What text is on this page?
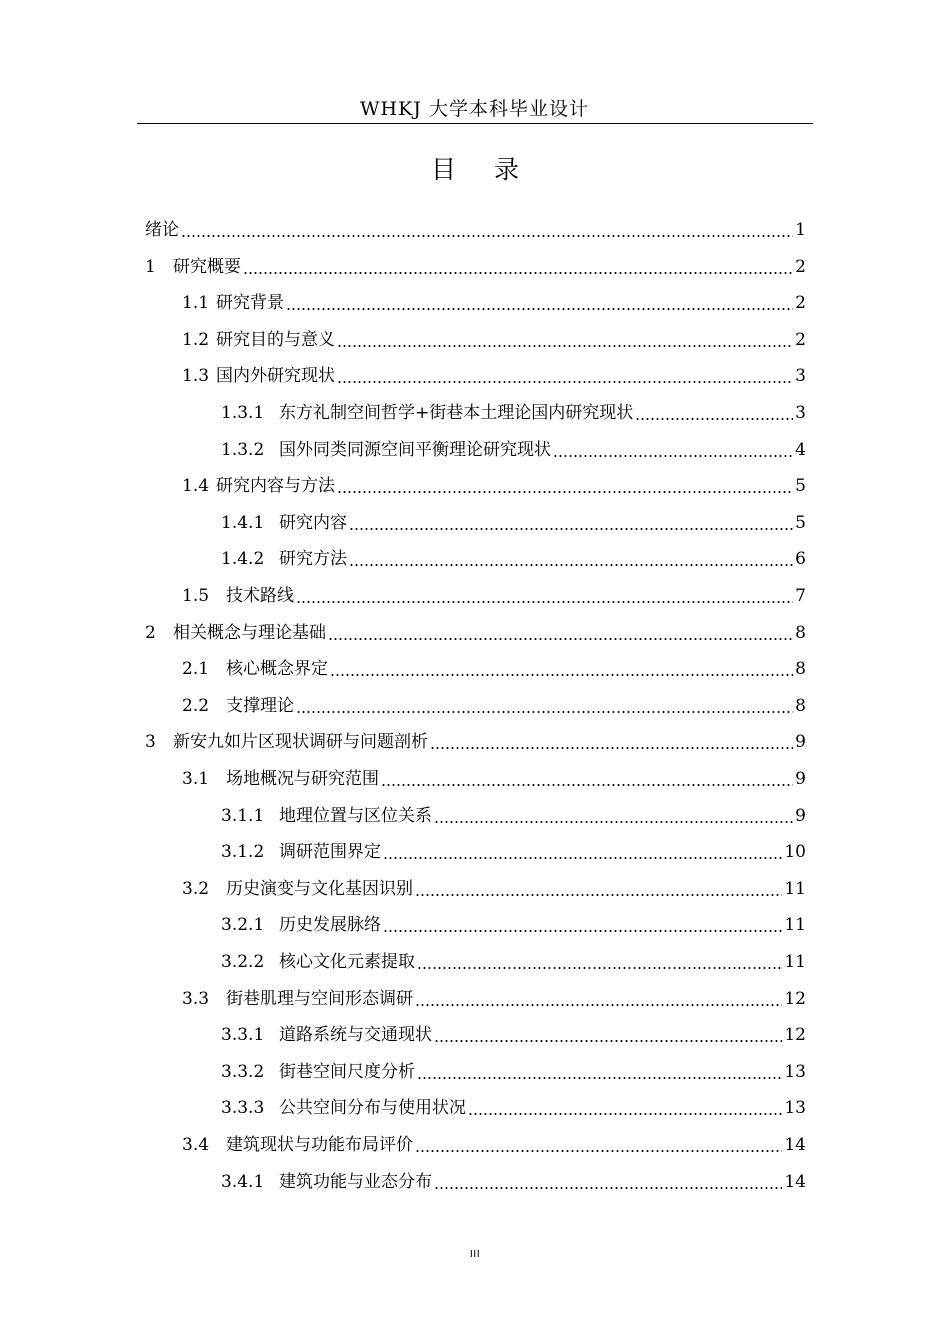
WHKJ 大学本科毕业设计
目 录
绪论	1
1	研究概要	2
1.1 研究背景	2
1.2 研究目的与意义	2
1.3 国内外研究现状	3
1.3.1 东方礼制空间哲学+街巷本土理论国内研究现状	3
1.3.2 国外同类同源空间平衡理论研究现状	4
1.4 研究内容与方法	5
1.4.1 研究内容	5
1.4.2 研究方法	6
1.5 技术路线	7
2	相关概念与理论基础	8
2.1 核心概念界定	8
2.2 支撑理论	8
3	新安九如片区现状调研与问题剖析	9
3.1 场地概况与研究范围	9
3.1.1 地理位置与区位关系	9
3.1.2 调研范围界定	10
3.2 历史演变与文化基因识别	11
3.2.1 历史发展脉络	11
3.2.2 核心文化元素提取	11
3.3 街巷肌理与空间形态调研	12
3.3.1 道路系统与交通现状	12
3.3.2 街巷空间尺度分析	13
3.3.3 公共空间分布与使用状况	13
3.4 建筑现状与功能布局评价	14
3.4.1 建筑功能与业态分布	14
III
